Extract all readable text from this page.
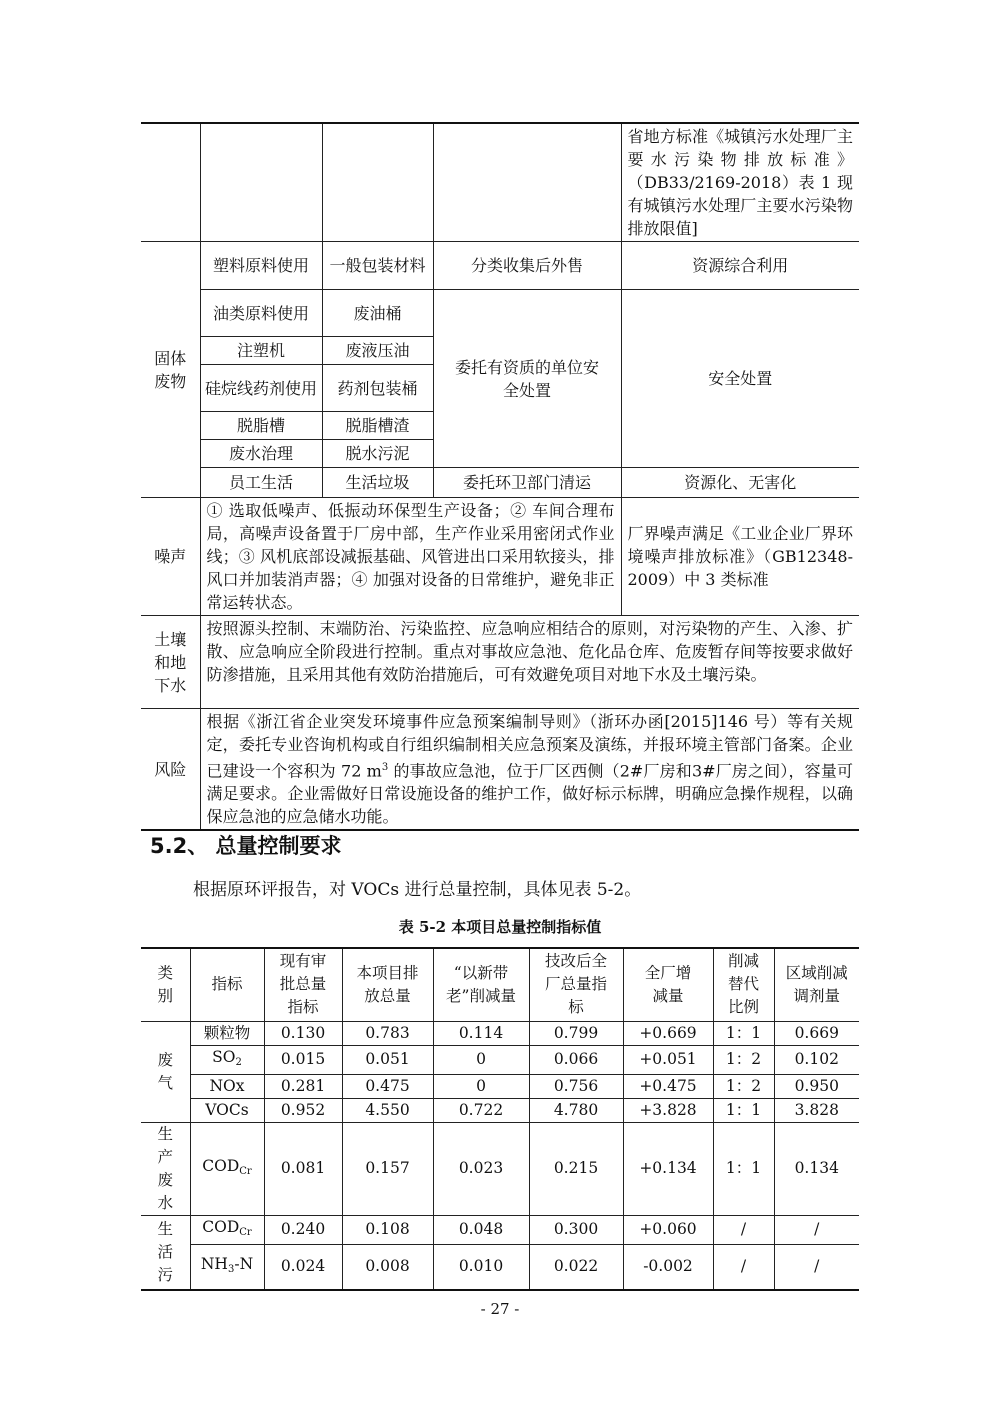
				省地方标准《城镇污水处理厂主要水污染物排放标准》（DB33/2169-2018）表 1 现有城镇污水处理厂主要水污染物排放限值]
固体废物	塑料原料使用	一般包装材料	分类收集后外售	资源综合利用
	油类原料使用	废油桶	委托有资质的单位安全处置	安全处置
	注塑机	废液压油		
	硅烷线药剂使用	药剂包装桶		
	脱脂槽	脱脂槽渣		
	废水治理	脱水污泥		
	员工生活	生活垃圾	委托环卫部门清运	资源化、无害化
噪声	① 选取低噪声、低振动环保型生产设备；② 车间合理布局，高噪声设备置于厂房中部，生产作业采用密闭式作业线；③ 风机底部设减振基础、风管进出口采用软接头，排风口并加装消声器；④ 加强对设备的日常维护，避免非正常运转状态。			厂界噪声满足《工业企业厂界环境噪声排放标准》（GB12348-2009）中 3 类标准
土壤和地下水	按照源头控制、末端防治、污染监控、应急响应相结合的原则，对污染物的产生、入渗、扩散、应急响应全阶段进行控制。重点对事故应急池、危化品仓库、危废暂存间等按要求做好防渗措施，且采用其他有效防治措施后，可有效避免项目对地下水及土壤污染。			
风险	根据《浙江省企业突发环境事件应急预案编制导则》（浙环办函[2015]146 号）等有关规定，委托专业咨询机构或自行组织编制相关应急预案及演练，并报环境主管部门备案。企业已建设一个容积为 72 $m^3$ 的事故应急池，位于厂区西侧（2#厂房和3#厂房之间），容量可满足要求。企业需做好日常设施设备的维护工作，做好标示标牌，明确应急操作规程，以确保应急池的应急储水功能。			
5.2、 总量控制要求
根据原环评报告，对 VOCs 进行总量控制，具体见表 5-2。
表 5-2 本项目总量控制指标值
类别	指标	现有审批总量指标	本项目排放总量	“以新带老”削减量	技改后全厂总量指标	全厂增减量	削减替代比例	区域削减调剂量
废气	颗粒物	0.130	0.783	0.114	0.799	+0.669	1：1	0.669
	$SO_2$	0.015	0.051	0	0.066	+0.051	1：2	0.102
	NOx	0.281	0.475	0	0.756	+0.475	1：2	0.950
	VOCs	0.952	4.550	0.722	4.780	+3.828	1：1	3.828
生产废水	$COD_{Cr}$	0.081	0.157	0.023	0.215	+0.134	1：1	0.134
生活污	$COD_{Cr}$	0.240	0.108	0.048	0.300	+0.060	/	/
	$NH_3-N$	0.024	0.008	0.010	0.022	-0.002	/	/
- 27 -
